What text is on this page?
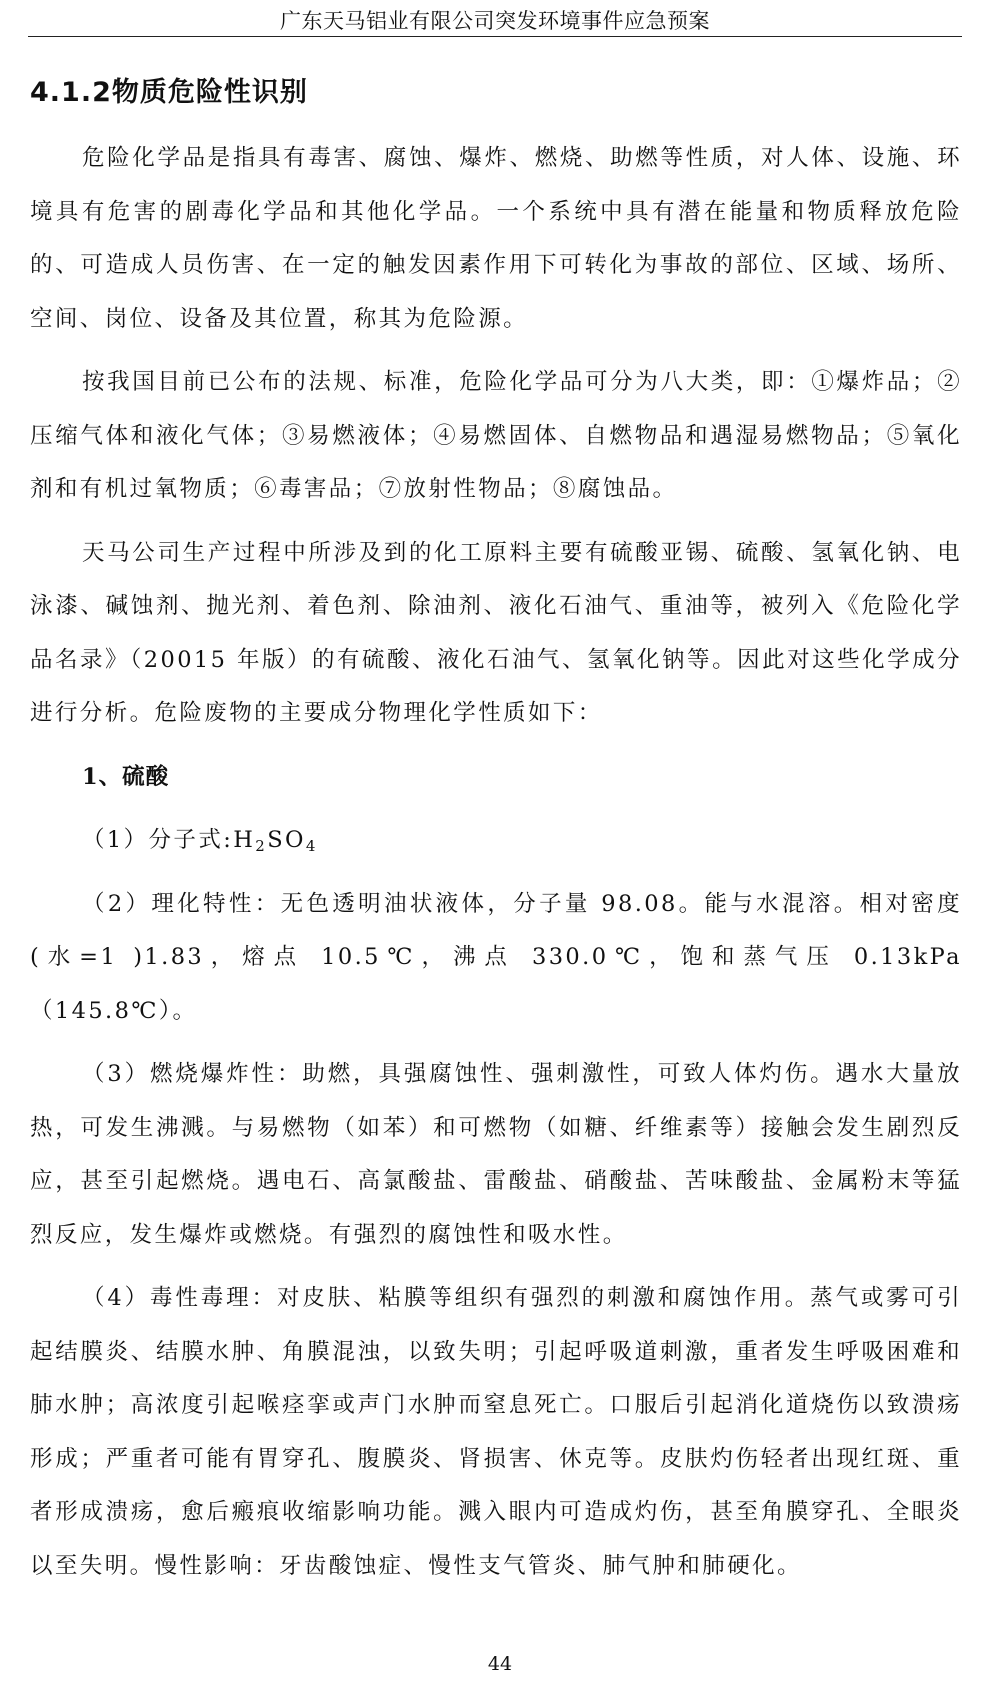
广东天马铝业有限公司突发环境事件应急预案
4.1.2物质危险性识别

危险化学品是指具有毒害、腐蚀、爆炸、燃烧、助燃等性质，对人体、设施、环境具有危害的剧毒化学品和其他化学品。一个系统中具有潜在能量和物质释放危险的、可造成人员伤害、在一定的触发因素作用下可转化为事故的部位、区域、场所、空间、岗位、设备及其位置，称其为危险源。

按我国目前已公布的法规、标准，危险化学品可分为八大类，即：①爆炸品；②压缩气体和液化气体；③易燃液体；④易燃固体、自燃物品和遇湿易燃物品；⑤氧化剂和有机过氧物质；⑥毒害品；⑦放射性物品；⑧腐蚀品。

天马公司生产过程中所涉及到的化工原料主要有硫酸亚锡、硫酸、氢氧化钠、电泳漆、碱蚀剂、抛光剂、着色剂、除油剂、液化石油气、重油等，被列入《危险化学品名录》（20015 年版）的有硫酸、液化石油气、氢氧化钠等。因此对这些化学成分进行分析。危险废物的主要成分物理化学性质如下：

1、硫酸

（1）分子式$:H_2SO_4$

（2）理化特性：无色透明油状液体，分子量 98.08。能与水混溶。相对密度(水=1 )1.83，熔点 10.5℃，沸点 330.0℃，饱和蒸气压 0.13kPa（145.8℃）。

（3）燃烧爆炸性：助燃，具强腐蚀性、强刺激性，可致人体灼伤。遇水大量放热，可发生沸溅。与易燃物（如苯）和可燃物（如糖、纤维素等）接触会发生剧烈反应，甚至引起燃烧。遇电石、高氯酸盐、雷酸盐、硝酸盐、苦味酸盐、金属粉末等猛烈反应，发生爆炸或燃烧。有强烈的腐蚀性和吸水性。

（4）毒性毒理：对皮肤、粘膜等组织有强烈的刺激和腐蚀作用。蒸气或雾可引起结膜炎、结膜水肿、角膜混浊，以致失明；引起呼吸道刺激，重者发生呼吸困难和肺水肿；高浓度引起喉痉挛或声门水肿而窒息死亡。口服后引起消化道烧伤以致溃疡形成；严重者可能有胃穿孔、腹膜炎、肾损害、休克等。皮肤灼伤轻者出现红斑、重者形成溃疡，愈后瘢痕收缩影响功能。溅入眼内可造成灼伤，甚至角膜穿孔、全眼炎以至失明。慢性影响：牙齿酸蚀症、慢性支气管炎、肺气肿和肺硬化。

44
